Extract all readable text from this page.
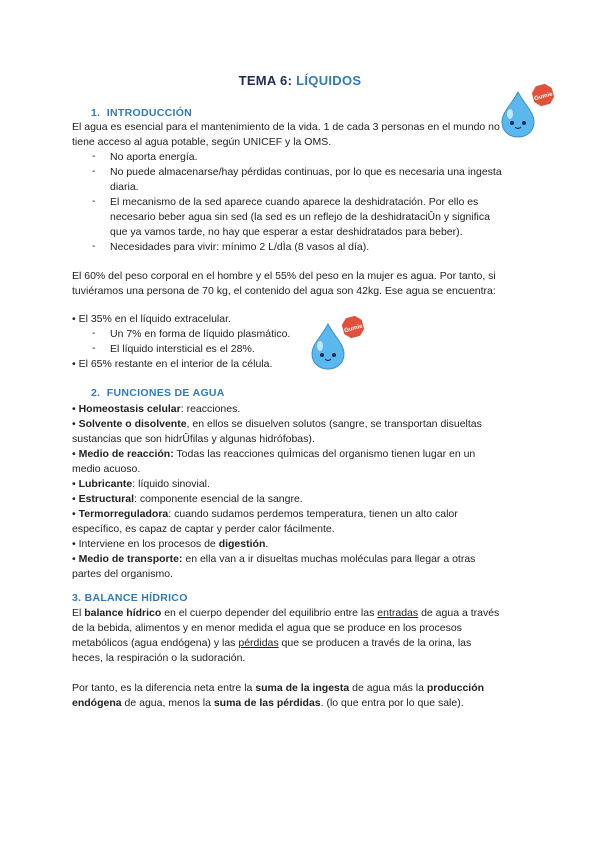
TEMA 6: LÍQUIDOS
1. INTRODUCCIÓN
El agua es esencial para el mantenimiento de la vida. 1 de cada 3 personas en el mundo no
tiene acceso al agua potable, según UNICEF y la OMS.
- No aporta energía.
- No puede almacenarse/hay pérdidas continuas, por lo que es necesaria una ingesta
diaria.
- El mecanismo de la sed aparece cuando aparece la deshidratación. Por ello es
necesario beber agua sin sed (la sed es un reflejo de la deshidrataciÛn y significa
que ya vamos tarde, no hay que esperar a estar deshidratados para beber).
- Necesidades para vivir: mínimo 2 L/dÌa (8 vasos al día).
El 60% del peso corporal en el hombre y el 55% del peso en la mujer es agua. Por tanto, si
tuviéramos una persona de 70 kg, el contenido del agua son 42kg. Ese agua se encuentra:
• El 35% en el líquido extracelular.
- Un 7% en forma de líquido plasmático.
- El líquido intersticial es el 28%.
• El 65% restante en el interior de la célula.
2. FUNCIONES DE AGUA
• Homeostasis celular: reacciones.
• Solvente o disolvente, en ellos se disuelven solutos (sangre, se transportan disueltas
sustancias que son hidrÛfilas y algunas hidrófobas).
• Medio de reacción: Todas las reacciones quÌmicas del organismo tienen lugar en un
medio acuoso.
• Lubricante: líquido sinovial.
• Estructural: componente esencial de la sangre.
• Termorreguladora: cuando sudamos perdemos temperatura, tienen un alto calor
específico, es capaz de captar y perder calor fácilmente.
• Interviene en los procesos de digestión.
• Medio de transporte: en ella van a ir disueltas muchas moléculas para llegar a otras
partes del organismo.
3. BALANCE HÍDRICO
El balance hídrico en el cuerpo depender del equilibrio entre las entradas de agua a través
de la bebida, alimentos y en menor medida el agua que se produce en los procesos
metabólicos (agua endógena) y las pérdidas que se producen a través de la orina, las
heces, la respiración o la sudoración.
Por tanto, es la diferencia neta entre la suma de la ingesta de agua más la producción
endógena de agua, menos la suma de las pérdidas. (lo que entra por lo que sale).
Gumie
Gumie
